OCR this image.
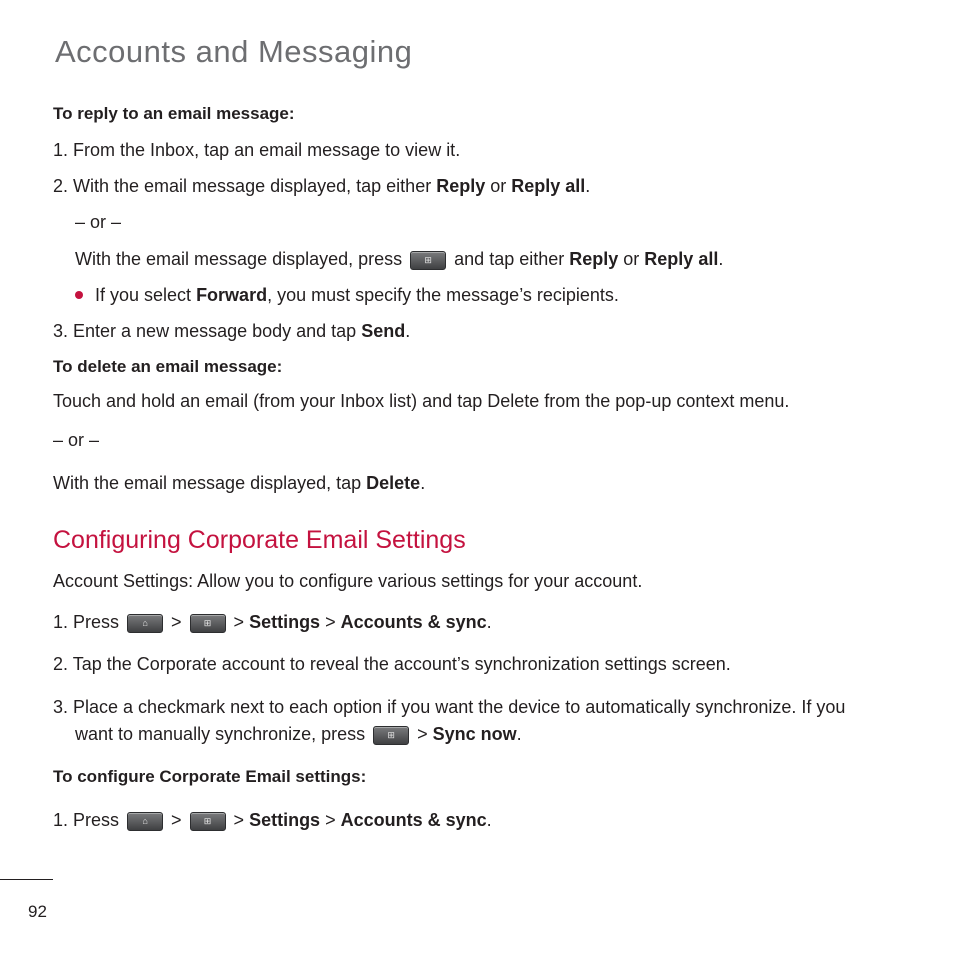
Accounts and Messaging
To reply to an email message:
1. From the Inbox, tap an email message to view it.
2. With the email message displayed, tap either Reply or Reply all.
– or –
With the email message displayed, press	⊞	and tap either Reply or Reply all.
If you select Forward, you must specify the message’s recipients.
3. Enter a new message body and tap Send.
To delete an email message:
Touch and hold an email (from your Inbox list) and tap Delete from the pop-up context menu.
– or –
With the email message displayed, tap Delete.
Configuring Corporate Email Settings
Account Settings: Allow you to configure various settings for your account.
1. Press	⌂	>	⊞	> Settings > Accounts & sync.
2. Tap the Corporate account to reveal the account’s synchronization settings screen.
3. Place a checkmark next to each option if you want the device to automatically synchronize. If you
want to manually synchronize, press	⊞	> Sync now.
To configure Corporate Email settings:
1. Press	⌂	>	⊞	> Settings > Accounts & sync.
92
